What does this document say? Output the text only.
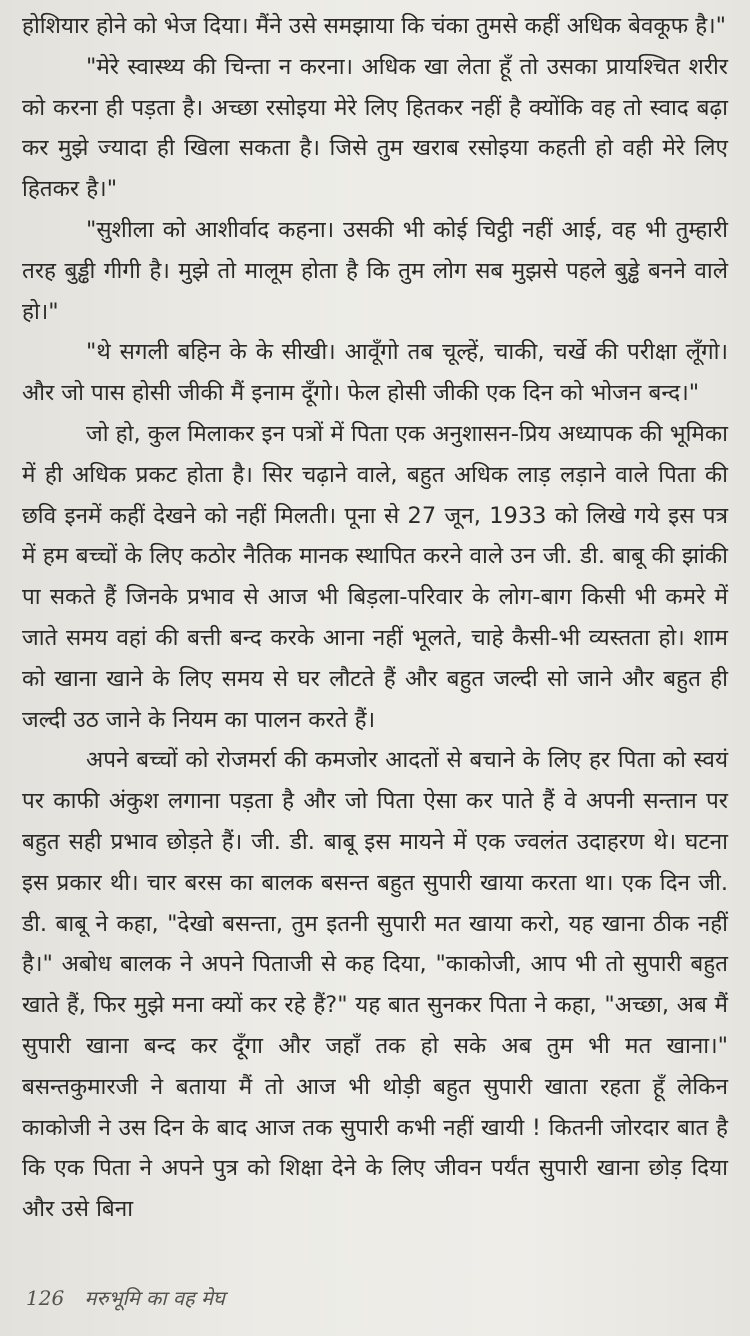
होशियार होने को भेज दिया। मैंने उसे समझाया कि चंका तुमसे कहीं अधिक बेवकूफ है।"

"मेरे स्वास्थ्य की चिन्ता न करना। अधिक खा लेता हूँ तो उसका प्रायश्चित शरीर को करना ही पड़ता है। अच्छा रसोइया मेरे लिए हितकर नहीं है क्योंकि वह तो स्वाद बढ़ा कर मुझे ज्यादा ही खिला सकता है। जिसे तुम खराब रसोइया कहती हो वही मेरे लिए हितकर है।"

"सुशीला को आशीर्वाद कहना। उसकी भी कोई चिट्ठी नहीं आई, वह भी तुम्हारी तरह बुड्ढी गीगी है। मुझे तो मालूम होता है कि तुम लोग सब मुझसे पहले बुड्ढे बनने वाले हो।"

"थे सगली बहिन के के सीखी। आवूँगो तब चूल्हें, चाकी, चर्खे की परीक्षा लूँगो। और जो पास होसी जीकी मैं इनाम दूँगो। फेल होसी जीकी एक दिन को भोजन बन्द।"

जो हो, कुल मिलाकर इन पत्रों में पिता एक अनुशासन-प्रिय अध्यापक की भूमिका में ही अधिक प्रकट होता है। सिर चढ़ाने वाले, बहुत अधिक लाड़ लड़ाने वाले पिता की छवि इनमें कहीं देखने को नहीं मिलती। पूना से 27 जून, 1933 को लिखे गये इस पत्र में हम बच्चों के लिए कठोर नैतिक मानक स्थापित करने वाले उन जी. डी. बाबू की झांकी पा सकते हैं जिनके प्रभाव से आज भी बिड़ला-परिवार के लोग-बाग किसी भी कमरे में जाते समय वहां की बत्ती बन्द करके आना नहीं भूलते, चाहे कैसी-भी व्यस्तता हो। शाम को खाना खाने के लिए समय से घर लौटते हैं और बहुत जल्दी सो जाने और बहुत ही जल्दी उठ जाने के नियम का पालन करते हैं।

अपने बच्चों को रोजमर्रा की कमजोर आदतों से बचाने के लिए हर पिता को स्वयं पर काफी अंकुश लगाना पड़ता है और जो पिता ऐसा कर पाते हैं वे अपनी सन्तान पर बहुत सही प्रभाव छोड़ते हैं। जी. डी. बाबू इस मायने में एक ज्वलंत उदाहरण थे। घटना इस प्रकार थी। चार बरस का बालक बसन्त बहुत सुपारी खाया करता था। एक दिन जी. डी. बाबू ने कहा, "देखो बसन्ता, तुम इतनी सुपारी मत खाया करो, यह खाना ठीक नहीं है।" अबोध बालक ने अपने पिताजी से कह दिया, "काकोजी, आप भी तो सुपारी बहुत खाते हैं, फिर मुझे मना क्यों कर रहे हैं?" यह बात सुनकर पिता ने कहा, "अच्छा, अब मैं सुपारी खाना बन्द कर दूँगा और जहाँ तक हो सके अब तुम भी मत खाना।" बसन्तकुमारजी ने बताया मैं तो आज भी थोड़ी बहुत सुपारी खाता रहता हूँ लेकिन काकोजी ने उस दिन के बाद आज तक सुपारी कभी नहीं खायी ! कितनी जोरदार बात है कि एक पिता ने अपने पुत्र को शिक्षा देने के लिए जीवन पर्यंत सुपारी खाना छोड़ दिया और उसे बिना

126 मरुभूमि का वह मेघ
